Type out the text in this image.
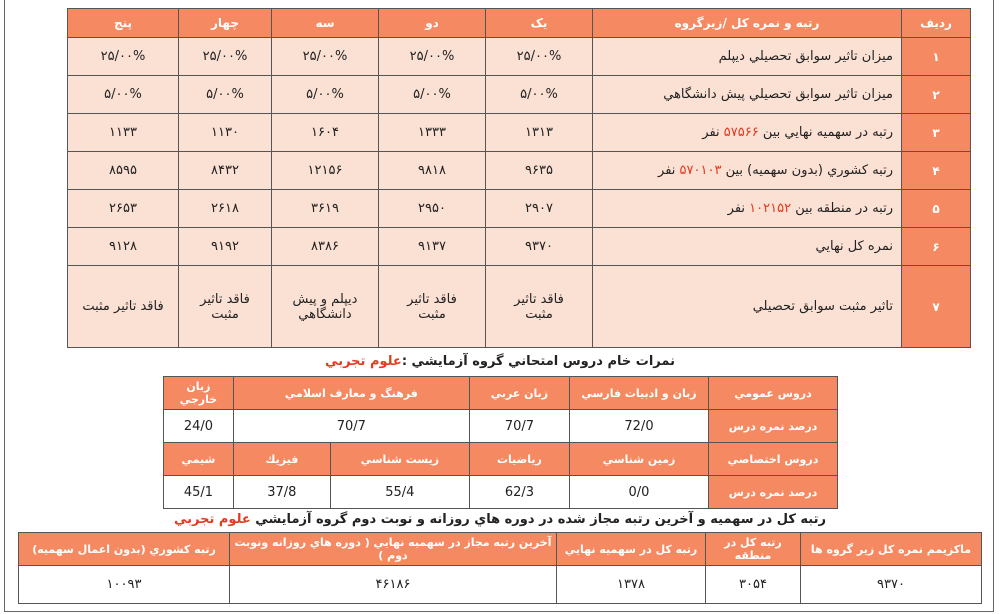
ردیف	رتبه و نمره کل /زیرگروه	یک	دو	سه	چهار	پنج
۱	ميزان تاثير سوابق تحصيلي ديپلم	۲۵/۰۰%	۲۵/۰۰%	۲۵/۰۰%	۲۵/۰۰%	۲۵/۰۰%
۲	ميزان تاثير سوابق تحصيلي پيش دانشگاهي	۵/۰۰%	۵/۰۰%	۵/۰۰%	۵/۰۰%	۵/۰۰%
۳	رتبه در سهميه نهايي بين ۵۷۵۶۶ نفر	۱۳۱۳	۱۳۳۳	۱۶۰۴	۱۱۳۰	۱۱۳۳
۴	رتبه كشوري (بدون سهميه) بين ۵۷۰۱۰۳ نفر	۹۶۳۵	۹۸۱۸	۱۲۱۵۶	۸۴۳۲	۸۵۹۵
۵	رتبه در منطقه بين ۱۰۲۱۵۲ نفر	۲۹۰۷	۲۹۵۰	۳۶۱۹	۲۶۱۸	۲۶۵۳
۶	نمره كل نهايي	۹۳۷۰	۹۱۳۷	۸۳۸۶	۹۱۹۲	۹۱۲۸
۷	تاثير مثبت سوابق تحصيلي	فاقد تاثير مثبت	فاقد تاثير مثبت	ديپلم و پيش دانشگاهي	فاقد تاثير مثبت	فاقد تاثير مثبت
نمرات خام دروس امتحاني گروه آزمايشي :علوم تجربي
دروس عمومي	زبان و ادبيات فارسي	زبان عربي	فرهنگ و معارف اسلامي		زبان خارجي
درصد نمره درس	72/0	70/7	70/7		24/0
دروس اختصاصي	زمين شناسي	رياضيات	زيست شناسي	فيزيك	شيمي
درصد نمره درس	0/0	62/3	55/4	37/8	45/1
رتبه كل در سهميه و آخرين رتبه مجاز شده در دوره هاي روزانه و نوبت دوم گروه آزمايشي علوم تجربي
ماكزيمم نمره كل زير گروه ها	رتبه كل در منطقه	رتبه كل در سهميه نهايي	آخرين رتبه مجاز در سهميه نهايي ( دوره هاي روزانه ونوبت دوم )	رتبه كشوري (بدون اعمال سهميه)
۹۳۷۰	۳۰۵۴	۱۳۷۸	۴۶۱۸۶	۱۰۰۹۳
